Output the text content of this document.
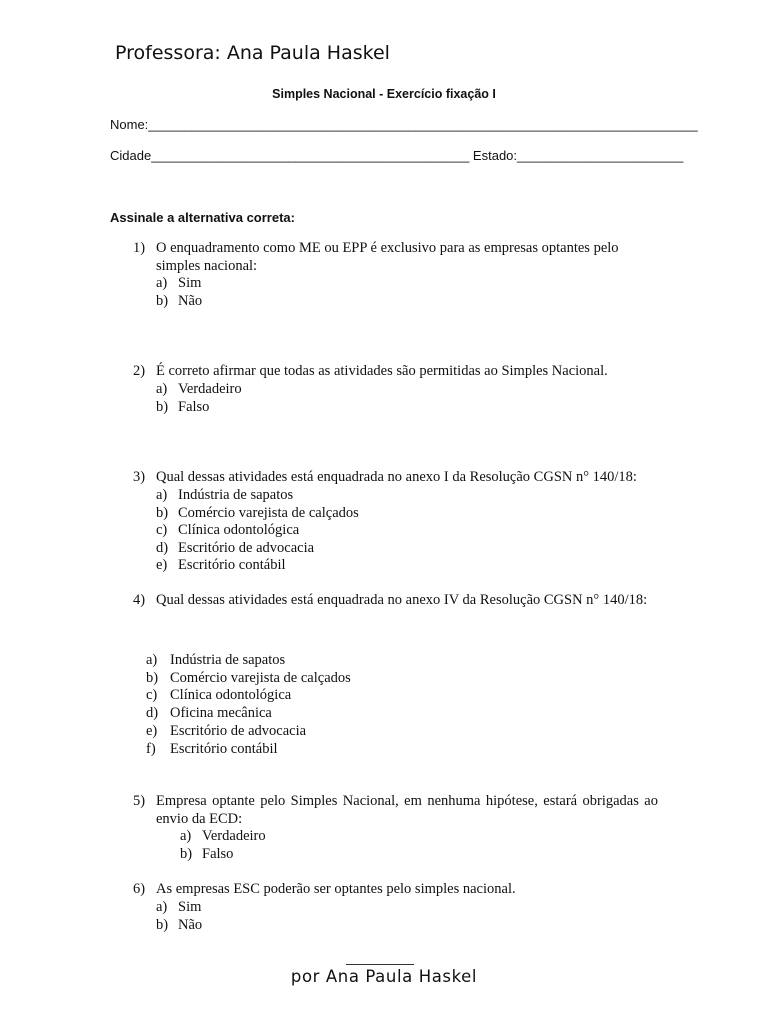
Professora: Ana Paula Haskel
Simples Nacional - Exercício fixação I
Nome:____________________________________________________________________________
Cidade____________________________________________ Estado:_______________________
Assinale a alternativa correta:
1) O enquadramento como ME ou EPP é exclusivo para as empresas optantes pelo simples nacional:
a) Sim
b) Não
2) É correto afirmar que todas as atividades são permitidas ao Simples Nacional.
a) Verdadeiro
b) Falso
3) Qual dessas atividades está enquadrada no anexo I da Resolução CGSN n° 140/18:
a) Indústria de sapatos
b) Comércio varejista de calçados
c) Clínica odontológica
d) Escritório de advocacia
e) Escritório contábil
4) Qual dessas atividades está enquadrada no anexo IV da Resolução CGSN n° 140/18:
a) Indústria de sapatos
b) Comércio varejista de calçados
c) Clínica odontológica
d) Oficina mecânica
e) Escritório de advocacia
f) Escritório contábil
5) Empresa optante pelo Simples Nacional, em nenhuma hipótese, estará obrigadas ao envio da ECD:
a) Verdadeiro
b) Falso
6) As empresas ESC poderão ser optantes pelo simples nacional.
a) Sim
b) Não
por Ana Paula Haskel
